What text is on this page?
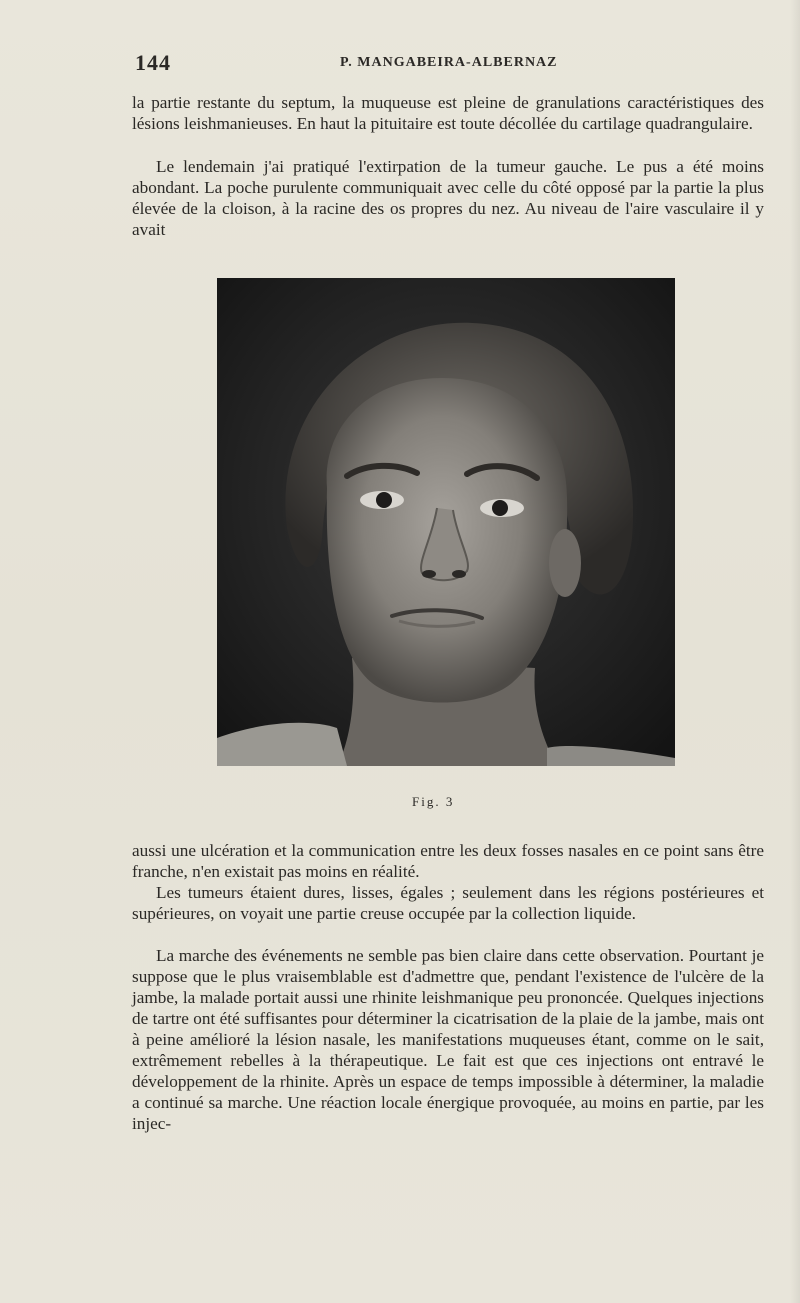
144	P. MANGABEIRA-ALBERNAZ

la partie restante du septum, la muqueuse est pleine de granulations caractéristiques des lésions leishmanieuses. En haut la pituitaire est toute décollée du cartilage quadrangulaire.

Le lendemain j'ai pratiqué l'extirpation de la tumeur gauche. Le pus a été moins abondant. La poche purulente communiquait avec celle du côté opposé par la partie la plus élevée de la cloison, à la racine des os propres du nez. Au niveau de l'aire vasculaire il y avait

Fig. 3

aussi une ulcération et la communication entre les deux fosses nasales en ce point sans être franche, n'en existait pas moins en réalité.

Les tumeurs étaient dures, lisses, égales ; seulement dans les régions postérieures et supérieures, on voyait une partie creuse occupée par la collection liquide.

La marche des événements ne semble pas bien claire dans cette observation. Pourtant je suppose que le plus vraisemblable est d'admettre que, pendant l'existence de l'ulcère de la jambe, la malade portait aussi une rhinite leishmanique peu prononcée. Quelques injections de tartre ont été suffisantes pour déterminer la cicatrisation de la plaie de la jambe, mais ont à peine amélioré la lésion nasale, les manifestations muqueuses étant, comme on le sait, extrêmement rebelles à la thérapeutique. Le fait est que ces injections ont entravé le développement de la rhinite. Après un espace de temps impossible à déterminer, la maladie a continué sa marche. Une réaction locale énergique provoquée, au moins en partie, par les injec-
